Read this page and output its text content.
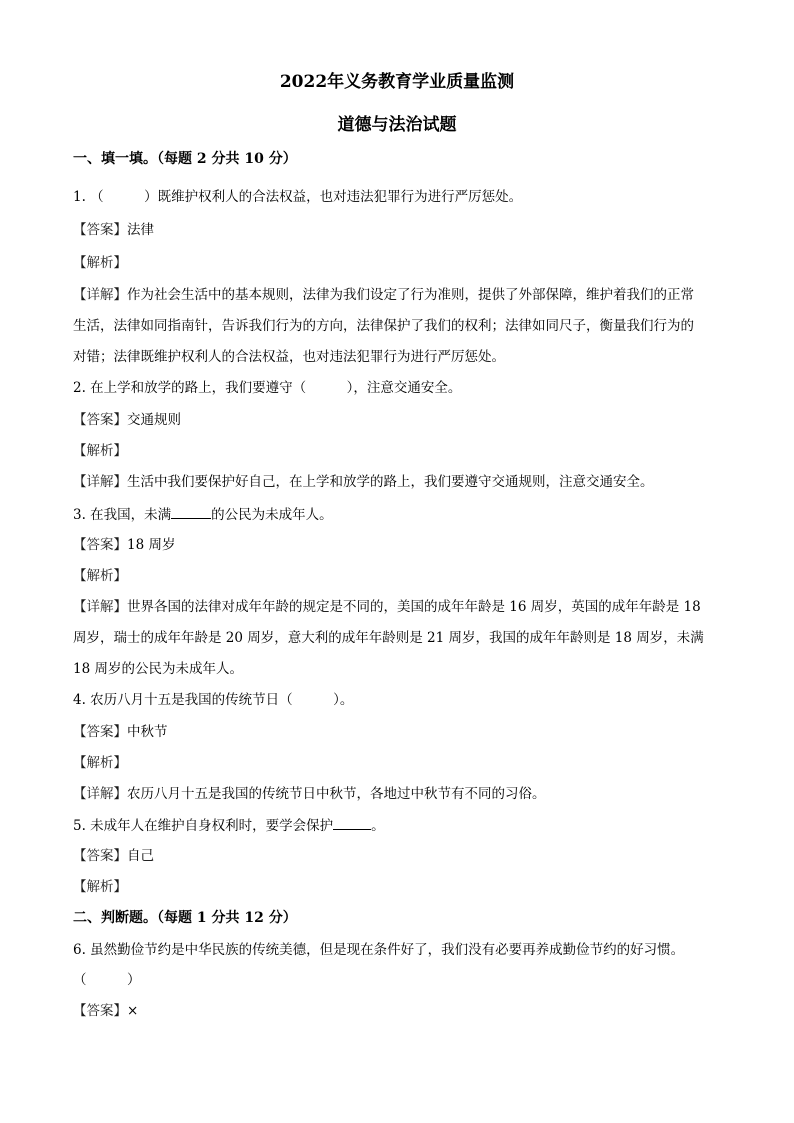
2022年义务教育学业质量监测
道德与法治试题
一、填一填。（每题 2 分共 10 分）
1. （　　　）既维护权利人的合法权益，也对违法犯罪行为进行严厉惩处。
【答案】法律
【解析】
【详解】作为社会生活中的基本规则，法律为我们设定了行为准则，提供了外部保障，维护着我们的正常
生活，法律如同指南针，告诉我们行为的方向，法律保护了我们的权利；法律如同尺子，衡量我们行为的
对错；法律既维护权利人的合法权益，也对违法犯罪行为进行严厉惩处。
2. 在上学和放学的路上，我们要遵守（　　　），注意交通安全。
【答案】交通规则
【解析】
【详解】生活中我们要保护好自己，在上学和放学的路上，我们要遵守交通规则，注意交通安全。
3. 在我国，未满	的公民为未成年人。
【答案】18 周岁
【解析】
【详解】世界各国的法律对成年年龄的规定是不同的，美国的成年年龄是 16 周岁，英国的成年年龄是 18
周岁，瑞士的成年年龄是 20 周岁，意大利的成年年龄则是 21 周岁，我国的成年年龄则是 18 周岁，未满
18 周岁的公民为未成年人。
4. 农历八月十五是我国的传统节日（　　　）。
【答案】中秋节
【解析】
【详解】农历八月十五是我国的传统节日中秋节，各地过中秋节有不同的习俗。
5. 未成年人在维护自身权利时，要学会保护	。
【答案】自己
【解析】
二、判断题。（每题 1 分共 12 分）
6. 虽然勤俭节约是中华民族的传统美德，但是现在条件好了，我们没有必要再养成勤俭节约的好习惯。
（　　　）
【答案】×
